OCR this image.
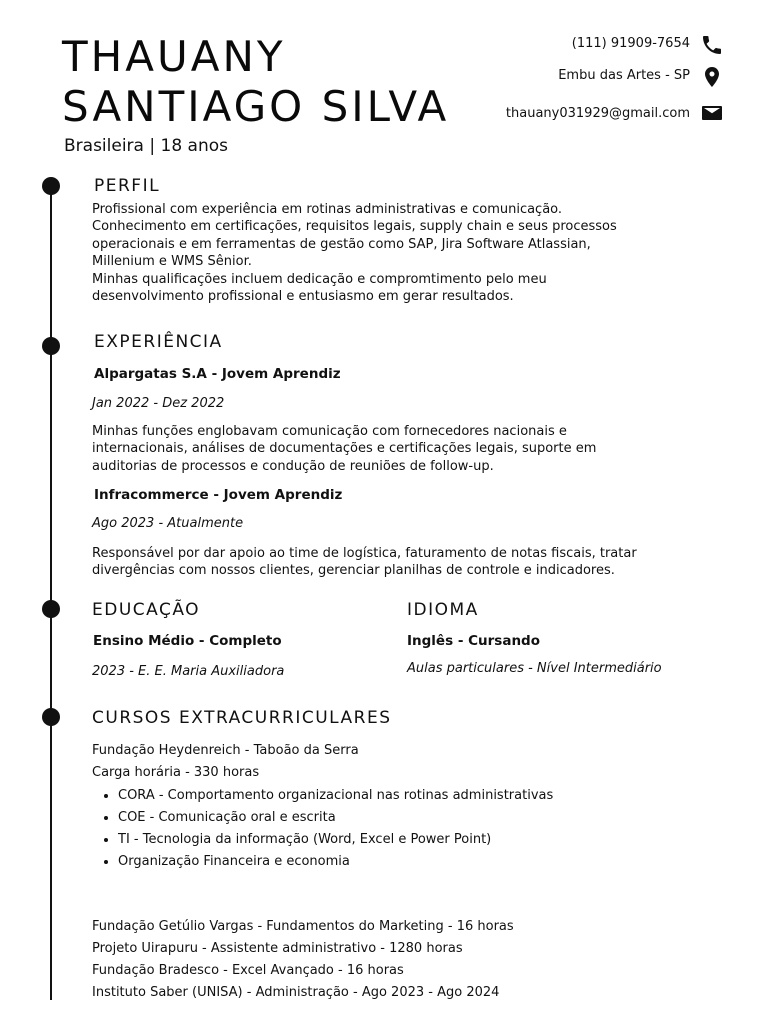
THAUANY
SANTIAGO SILVA
Brasileira | 18 anos
(111) 91909-7654
Embu das Artes - SP
thauany031929@gmail.com
PERFIL
Profissional com experiência em rotinas administrativas e comunicação.
Conhecimento em certificações, requisitos legais, supply chain e seus processos
operacionais e em ferramentas de gestão como SAP, Jira Software Atlassian,
Millenium e WMS Sênior.
Minhas qualificações incluem dedicação e compromtimento pelo meu
desenvolvimento profissional e entusiasmo em gerar resultados.
EXPERIÊNCIA
Alpargatas S.A - Jovem Aprendiz
Jan 2022 - Dez 2022
Minhas funções englobavam comunicação com fornecedores nacionais e
internacionais, análises de documentações e certificações legais, suporte em
auditorias de processos e condução de reuniões de follow-up.
Infracommerce - Jovem Aprendiz
Ago 2023 - Atualmente
Responsável por dar apoio ao time de logística, faturamento de notas fiscais, tratar
divergências com nossos clientes, gerenciar planilhas de controle e indicadores.
EDUCAÇÃO
Ensino Médio - Completo
2023 - E. E. Maria Auxiliadora
IDIOMA
Inglês - Cursando
Aulas particulares - Nível Intermediário
CURSOS EXTRACURRICULARES
Fundação Heydenreich - Taboão da Serra
Carga horária - 330 horas
• CORA - Comportamento organizacional nas rotinas administrativas
• COE - Comunicação oral e escrita
• TI - Tecnologia da informação (Word, Excel e Power Point)
• Organização Financeira e economia
Fundação Getúlio Vargas - Fundamentos do Marketing - 16 horas
Projeto Uirapuru - Assistente administrativo - 1280 horas
Fundação Bradesco - Excel Avançado - 16 horas
Instituto Saber (UNISA) - Administração - Ago 2023 - Ago 2024
